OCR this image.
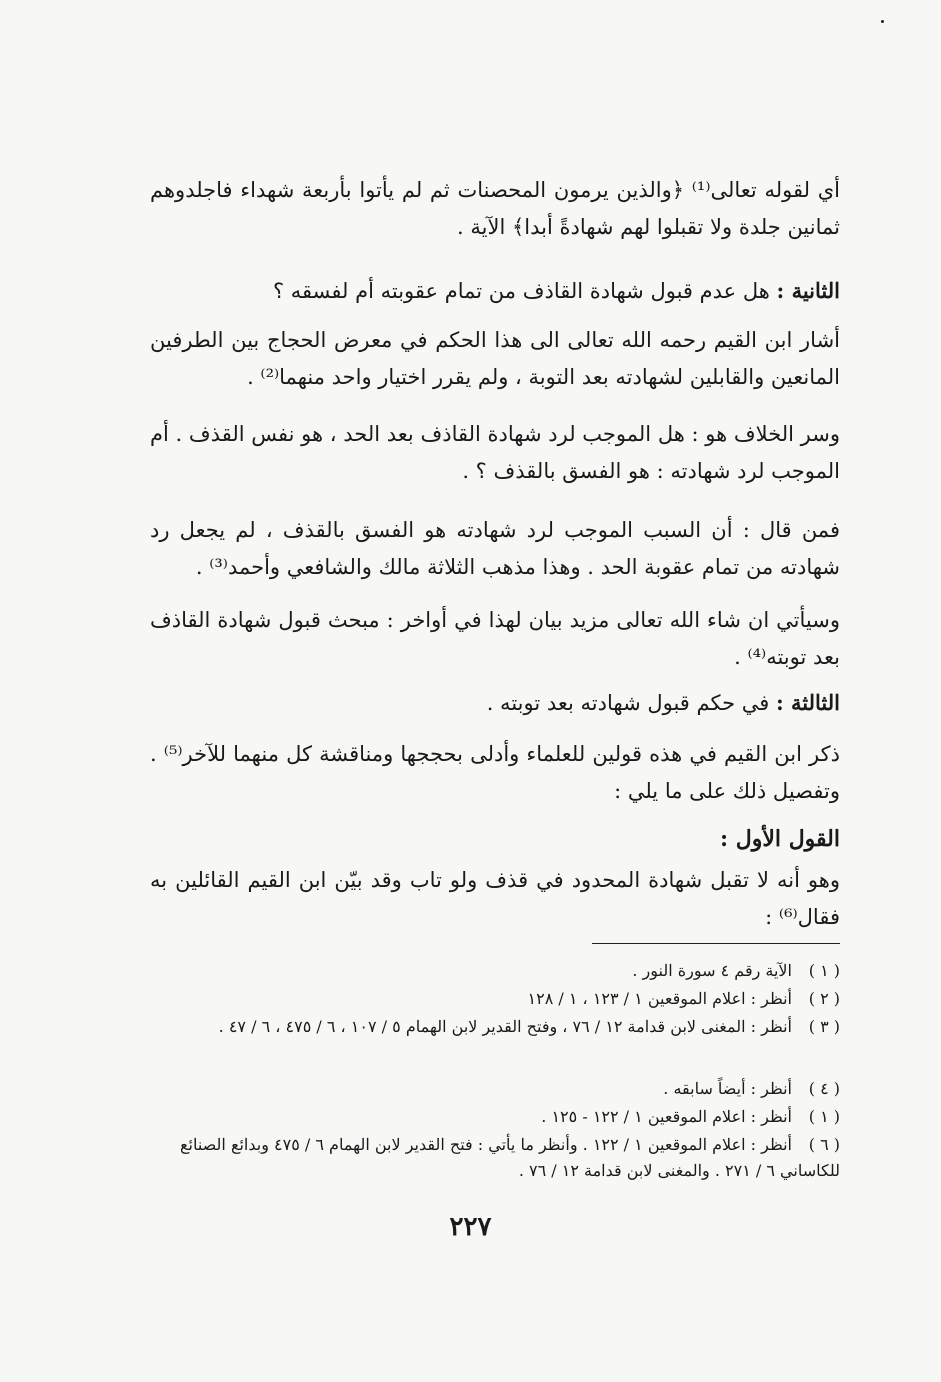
أي لقوله تعالى⁽¹⁾ ﴿والذين يرمون المحصنات ثم لم يأتوا بأربعة شهداء فاجلدوهم ثمانين جلدة ولا تقبلوا لهم شهادةً أبدا﴾ الآية .
الثانية : هل عدم قبول شهادة القاذف من تمام عقوبته أم لفسقه ؟
أشار ابن القيم رحمه الله تعالى الى هذا الحكم في معرض الحجاج بين الطرفين المانعين والقابلين لشهادته بعد التوبة ، ولم يقرر اختيار واحد منهما⁽²⁾ .
وسر الخلاف هو : هل الموجب لرد شهادة القاذف بعد الحد ، هو نفس القذف . أم الموجب لرد شهادته : هو الفسق بالقذف ؟ .
فمن قال : أن السبب الموجب لرد شهادته هو الفسق بالقذف ، لم يجعل رد شهادته من تمام عقوبة الحد . وهذا مذهب الثلاثة مالك والشافعي وأحمد⁽³⁾ .
وسيأتي ان شاء الله تعالى مزيد بيان لهذا في أواخر : مبحث قبول شهادة القاذف بعد توبته⁽⁴⁾ .
الثالثة : في حكم قبول شهادته بعد توبته .
ذكر ابن القيم في هذه قولين للعلماء وأدلى بحججها ومناقشة كل منهما للآخر⁽⁵⁾ . وتفصيل ذلك على ما يلي :
القول الأول :
وهو أنه لا تقبل شهادة المحدود في قذف ولو تاب وقد بيّن ابن القيم القائلين به فقال⁽⁶⁾ :
( ١ )الآية رقم ٤ سورة النور .
( ٢ )أنظر : اعلام الموقعين ١ / ١٢٣ ، ١ / ١٢٨
( ٣ )أنظر : المغنى لابن قدامة ١٢ / ٧٦ ، وفتح القدير لابن الهمام ٥ / ١٠٧ ، ٦ / ٤٧٥ ، ٦ / ٤٧ .
( ٤ )أنظر : أيضاً سابقه .
( ١ )أنظر : اعلام الموقعين ١ / ١٢٢ - ١٢٥ .
( ٦ )أنظر : اعلام الموقعين ١ / ١٢٢ . وأنظر ما يأتي : فتح القدير لابن الهمام ٦ / ٤٧٥ وبدائع الصنائع للكاساني ٦ / ٢٧١ . والمغنى لابن قدامة ١٢ / ٧٦ .
٢٢٧
